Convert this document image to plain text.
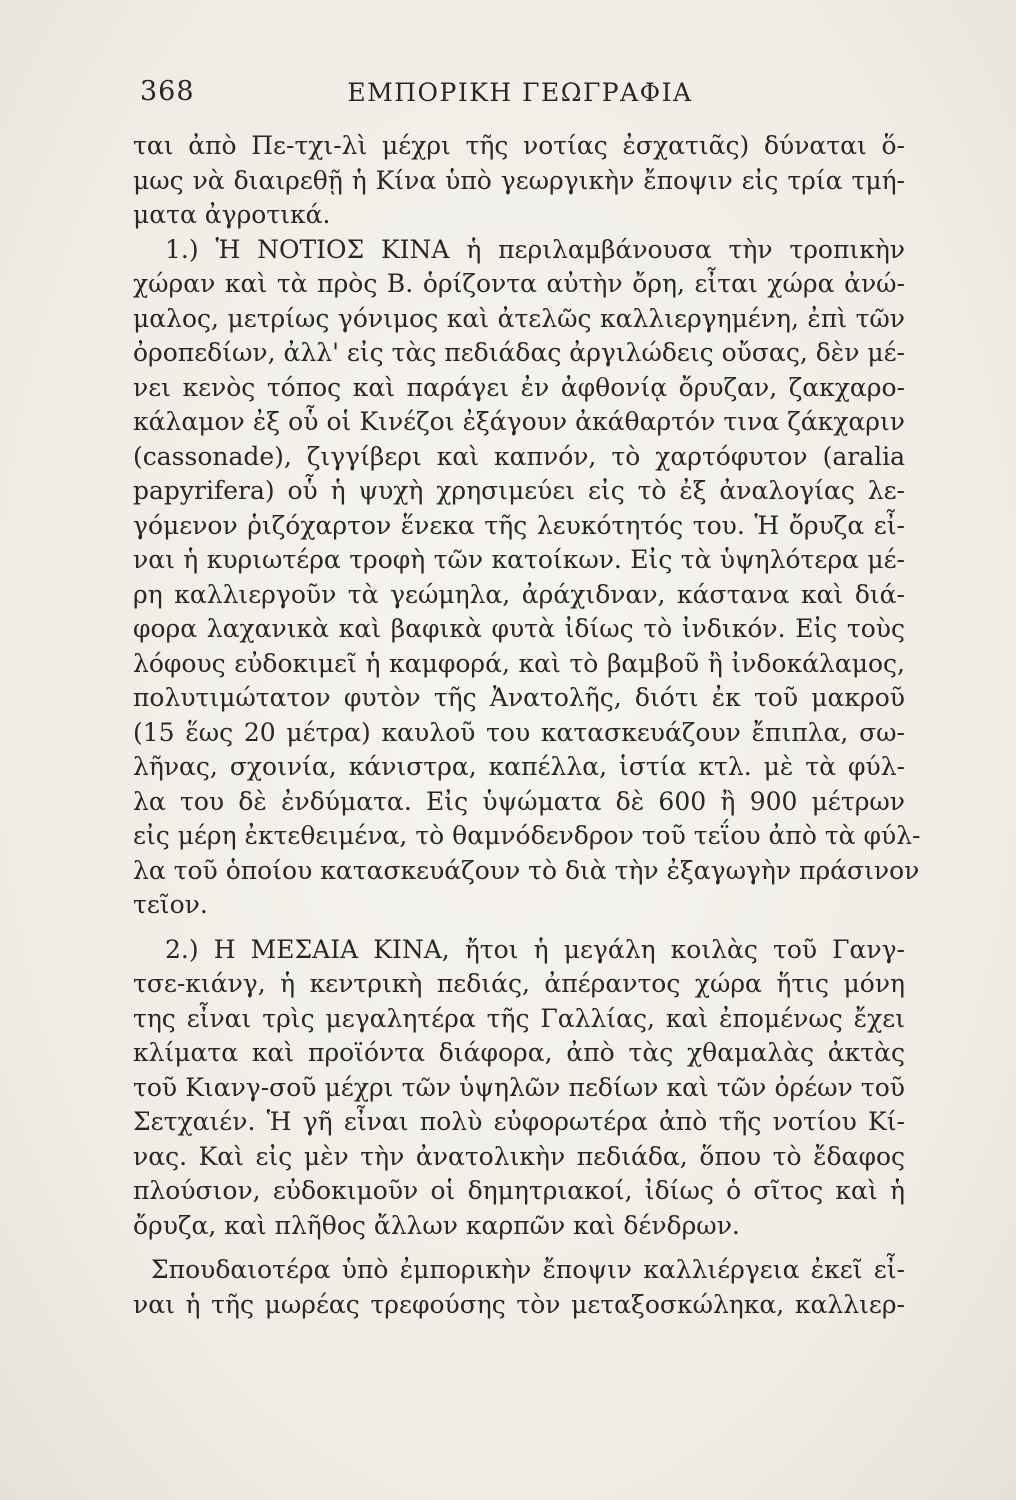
368	ΕΜΠΟΡΙΚΗ ΓΕΩΓΡΑΦΙΑ
ται ἀπὸ Πε-τχι-λὶ μέχρι τῆς νοτίας ἐσχατιᾶς) δύναται ὅ-
μως νὰ διαιρεθῇ ἡ Κίνα ὑπὸ γεωργικὴν ἔποψιν εἰς τρία τμή-
ματα ἀγροτικά.
1.) Ἡ ΝΟΤΙΟΣ ΚΙΝΑ ἡ περιλαμβάνουσα τὴν τροπικὴν
χώραν καὶ τὰ πρὸς Β. ὁρίζοντα αὐτὴν ὄρη, εἶται χώρα ἀνώ-
μαλος, μετρίως γόνιμος καὶ ἀτελῶς καλλιεργημένη, ἐπὶ τῶν
ὀροπεδίων, ἀλλ' εἰς τὰς πεδιάδας ἀργιλώδεις οὔσας, δὲν μέ-
νει κενὸς τόπος καὶ παράγει ἐν ἀφθονίᾳ ὄρυζαν, ζακχαρο-
κάλαμον ἐξ οὗ οἱ Κινέζοι ἐξάγουν ἀκάθαρτόν τινα ζάκχαριν
(cassonade), ζιγγίβερι καὶ καπνόν, τὸ χαρτόφυτον (aralia
papyrifera) οὗ ἡ ψυχὴ χρησιμεύει εἰς τὸ ἐξ ἀναλογίας λε-
γόμενον ῥιζόχαρτον ἕνεκα τῆς λευκότητός του. Ἡ ὄρυζα εἶ-
ναι ἡ κυριωτέρα τροφὴ τῶν κατοίκων. Εἰς τὰ ὑψηλότερα μέ-
ρη καλλιεργοῦν τὰ γεώμηλα, ἀράχιδναν, κάστανα καὶ διά-
φορα λαχανικὰ καὶ βαφικὰ φυτὰ ἰδίως τὸ ἰνδικόν. Εἰς τοὺς
λόφους εὐδοκιμεῖ ἡ καμφορά, καὶ τὸ βαμβοῦ ἢ ἰνδοκάλαμος,
πολυτιμώτατον φυτὸν τῆς Ἀνατολῆς, διότι ἐκ τοῦ μακροῦ
(15 ἕως 20 μέτρα) καυλοῦ του κατασκευάζουν ἔπιπλα, σω-
λῆνας, σχοινία, κάνιστρα, καπέλλα, ἱστία κτλ. μὲ τὰ φύλ-
λα του δὲ ἐνδύματα. Εἰς ὑψώματα δὲ 600 ἢ 900 μέτρων
εἰς μέρη ἐκτεθειμένα, τὸ θαμνόδενδρον τοῦ τεΐου ἀπὸ τὰ φύλ-
λα τοῦ ὁποίου κατασκευάζουν τὸ διὰ τὴν ἐξαγωγὴν πράσινον
τεῖον.
2.) Η ΜΕΣΑΙΑ ΚΙΝΑ, ἤτοι ἡ μεγάλη κοιλὰς τοῦ Γανγ-
τσε-κιάνγ, ἡ κεντρικὴ πεδιάς, ἀπέραντος χώρα ἥτις μόνη
της εἶναι τρὶς μεγαλητέρα τῆς Γαλλίας, καὶ ἐπομένως ἔχει
κλίματα καὶ προϊόντα διάφορα, ἀπὸ τὰς χθαμαλὰς ἀκτὰς
τοῦ Κιανγ-σοῦ μέχρι τῶν ὑψηλῶν πεδίων καὶ τῶν ὀρέων τοῦ
Σετχαιέν. Ἡ γῆ εἶναι πολὺ εὐφορωτέρα ἀπὸ τῆς νοτίου Κί-
νας. Καὶ εἰς μὲν τὴν ἀνατολικὴν πεδιάδα, ὅπου τὸ ἔδαφος
πλούσιον, εὐδοκιμοῦν οἱ δημητριακοί, ἰδίως ὁ σῖτος καὶ ἡ
ὄρυζα, καὶ πλῆθος ἄλλων καρπῶν καὶ δένδρων.
Σπουδαιοτέρα ὑπὸ ἐμπορικὴν ἔποψιν καλλιέργεια ἐκεῖ εἶ-
ναι ἡ τῆς μωρέας τρεφούσης τὸν μεταξοσκώληκα, καλλιερ-
